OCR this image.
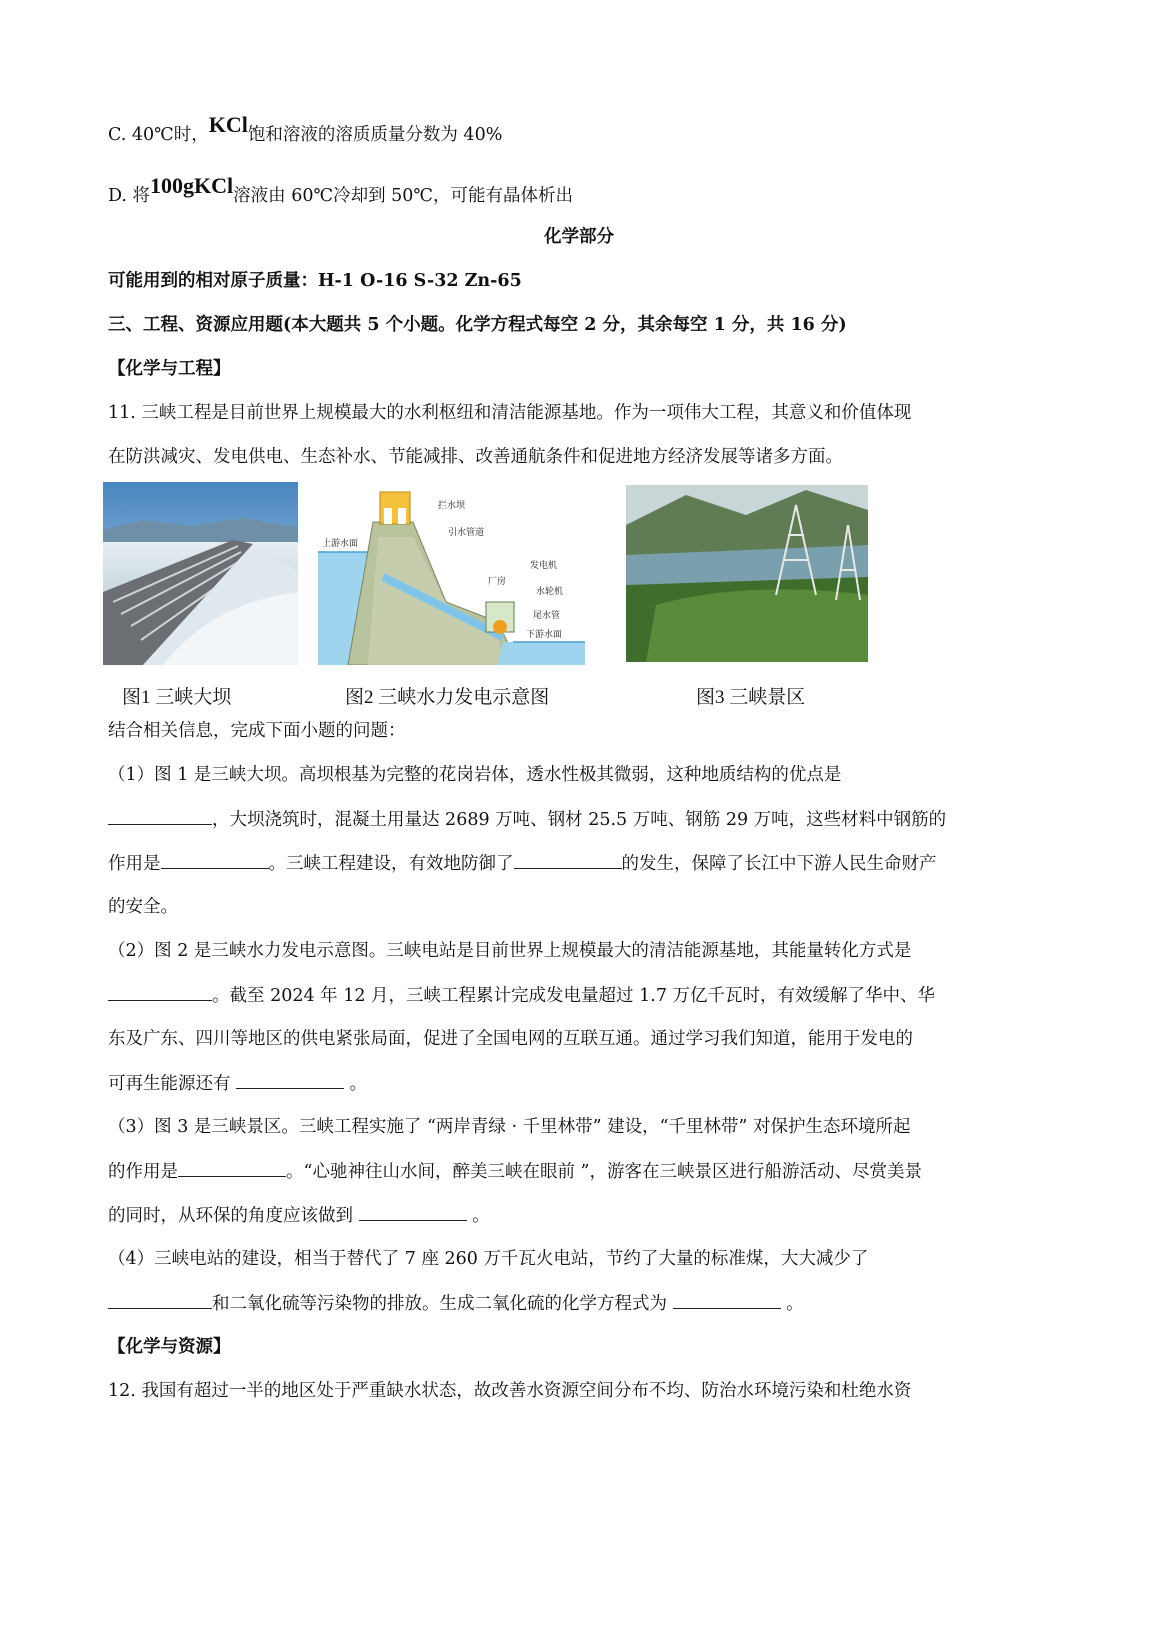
C. 40℃时，KCl饱和溶液的溶质质量分数为 40%
D. 将100gKCl溶液由 60℃冷却到 50℃，可能有晶体析出
化学部分
可能用到的相对原子质量：H-1 O-16 S-32 Zn-65
三、工程、资源应用题(本大题共 5 个小题。化学方程式每空 2 分，其余每空 1 分，共 16 分)
【化学与工程】
11. 三峡工程是目前世界上规模最大的水利枢纽和清洁能源基地。作为一项伟大工程，其意义和价值体现
在防洪减灾、发电供电、生态补水、节能减排、改善通航条件和促进地方经济发展等诸多方面。
上游水面
拦水坝
引水管道
发电机
厂房
水轮机
尾水管
下游水面
图1 三峡大坝	图2 三峡水力发电示意图	图3 三峡景区
结合相关信息，完成下面小题的问题：
（1）图 1 是三峡大坝。高坝根基为完整的花岗岩体，透水性极其微弱，这种地质结构的优点是
，大坝浇筑时，混凝土用量达 2689 万吨、钢材 25.5 万吨、钢筋 29 万吨，这些材料中钢筋的
作用是	。三峡工程建设，有效地防御了	的发生，保障了长江中下游人民生命财产
的安全。
（2）图 2 是三峡水力发电示意图。三峡电站是目前世界上规模最大的清洁能源基地，其能量转化方式是
。截至 2024 年 12 月，三峡工程累计完成发电量超过 1.7 万亿千瓦时，有效缓解了华中、华
东及广东、四川等地区的供电紧张局面，促进了全国电网的互联互通。通过学习我们知道，能用于发电的
可再生能源还有	。
（3）图 3 是三峡景区。三峡工程实施了 “两岸青绿 · 千里林带” 建设，“千里林带” 对保护生态环境所起
的作用是	。“心驰神往山水间，醉美三峡在眼前 ”，游客在三峡景区进行船游活动、尽赏美景
的同时，从环保的角度应该做到	。
（4）三峡电站的建设，相当于替代了 7 座 260 万千瓦火电站，节约了大量的标准煤，大大减少了
和二氧化硫等污染物的排放。生成二氧化硫的化学方程式为	。
【化学与资源】
12. 我国有超过一半的地区处于严重缺水状态，故改善水资源空间分布不均、防治水环境污染和杜绝水资
